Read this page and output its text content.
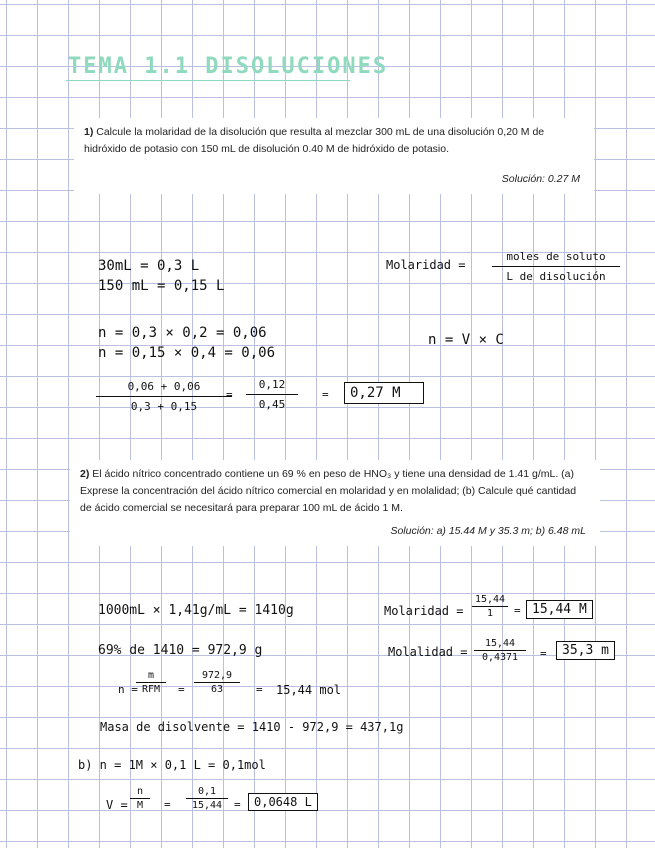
TEMA 1.1 DISOLUCIONES
1) Calcule la molaridad de la disolución que resulta al mezclar 300 mL de una disolución 0,20 M de hidróxido de potasio con 150 mL de disolución 0.40 M de hidróxido de potasio.
Solución: 0.27 M
30mL = 0,3 L
150 mL = 0,15 L
Molaridad =
moles de soluto
L de disolución
n = 0,3 × 0,2 = 0,06
n = 0,15 × 0,4 = 0,06
n = V × C
0,06 + 0,06
0,3 + 0,15
=
0,12
0,45
=	0,27 M
2) El ácido nítrico concentrado contiene un 69 % en peso de HNO₃ y tiene una densidad de 1.41 g/mL. (a) Exprese la concentración del ácido nítrico comercial en molaridad y en molalidad; (b) Calcule qué cantidad de ácido comercial se necesitará para preparar 100 mL de ácido 1 M.
Solución: a) 15.44 M y 35.3 m; b) 6.48 mL
1000mL × 1,41g/mL = 1410g	Molaridad =
15,44
1	= 15,44 M
69% de 1410 = 972,9 g	Molalidad =
15,44
0,4371	=	35,3 m
n =
m
RFM	=
972,9
63	= 15,44 mol
Masa de disolvente = 1410 - 972,9 = 437,1g
b) n = 1M × 0,1 L = 0,1mol
V =
n
M	=
0,1
15,44	=	0,0648 L
